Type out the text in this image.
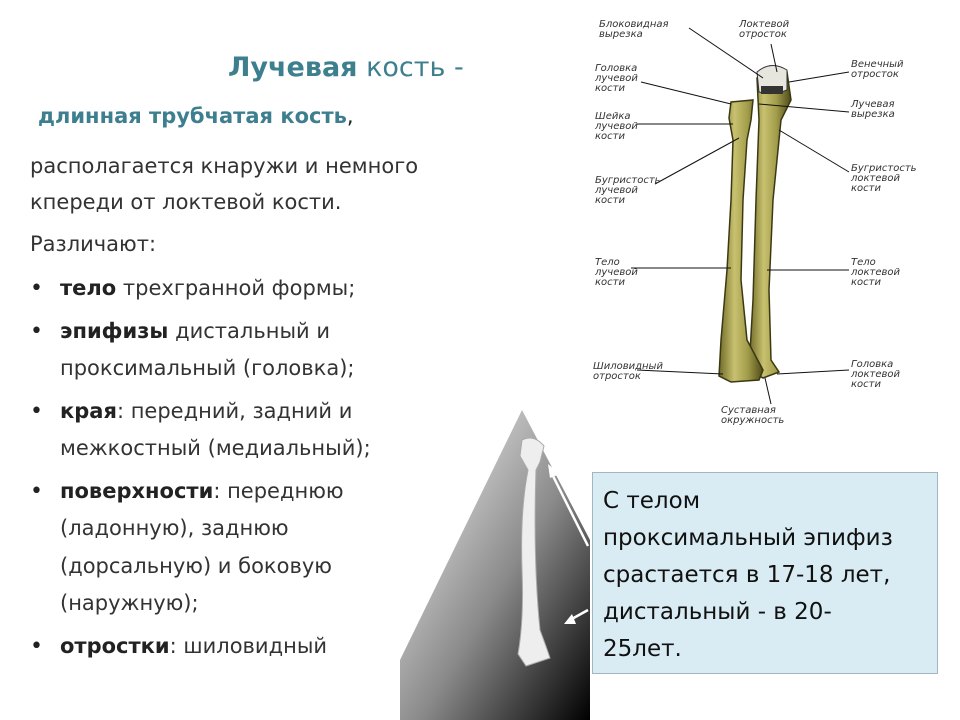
Лучевая кость -
длинная трубчатая кость,
располагается кнаружи и немного
кпереди от локтевой кости.
Различают:
• тело трехгранной формы;
• эпифизы дистальный и
проксимальный (головка);
• края: передний, задний и
межкостный (медиальный);
• поверхности: переднюю
(ладонную), заднюю
(дорсальную) и боковую
(наружную);
• отростки: шиловидный
Блоковидная
вырезка
Локтевой
отросток
Головка
лучевой
кости
Венечный
отросток
Шейка
лучевой
кости
Лучевая
вырезка
Бугристость
лучевой
кости
Бугристость
локтевой
кости
Тело
лучевой
кости
Тело
локтевой
кости
Шиловидный
отросток
Головка
локтевой
кости
Суставная
окружность

С телом
проксимальный эпифиз
срастается в 17-18 лет,
дистальный - в 20-
25лет.
